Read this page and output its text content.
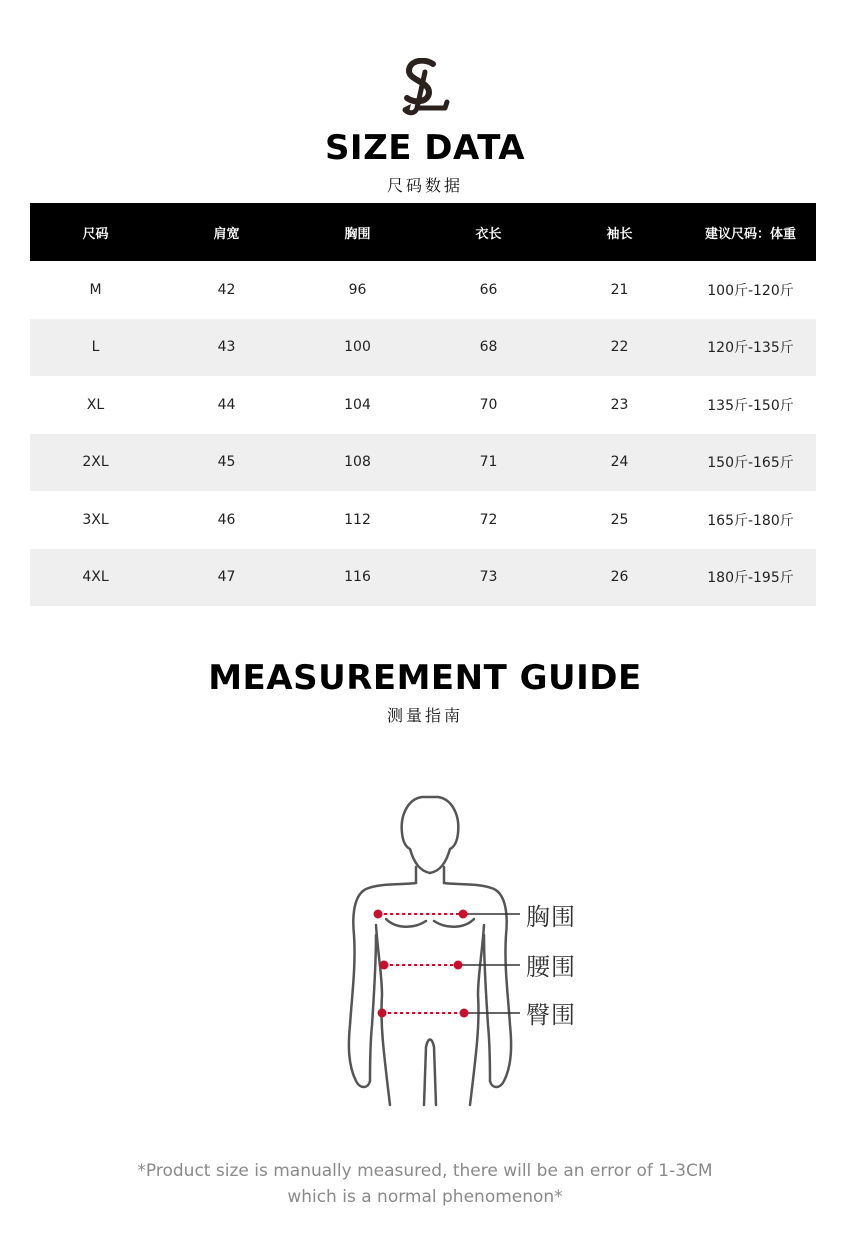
SIZE DATA
尺码数据
尺码	肩宽	胸围	衣长	袖长	建议尺码：体重
M	42	96	66	21	100斤-120斤
L	43	100	68	22	120斤-135斤
XL	44	104	70	23	135斤-150斤
2XL	45	108	71	24	150斤-165斤
3XL	46	112	72	25	165斤-180斤
4XL	47	116	73	26	180斤-195斤
MEASUREMENT GUIDE
测量指南
胸围
腰围
臀围
*Product size is manually measured, there will be an error of 1-3CM
which is a normal phenomenon*
